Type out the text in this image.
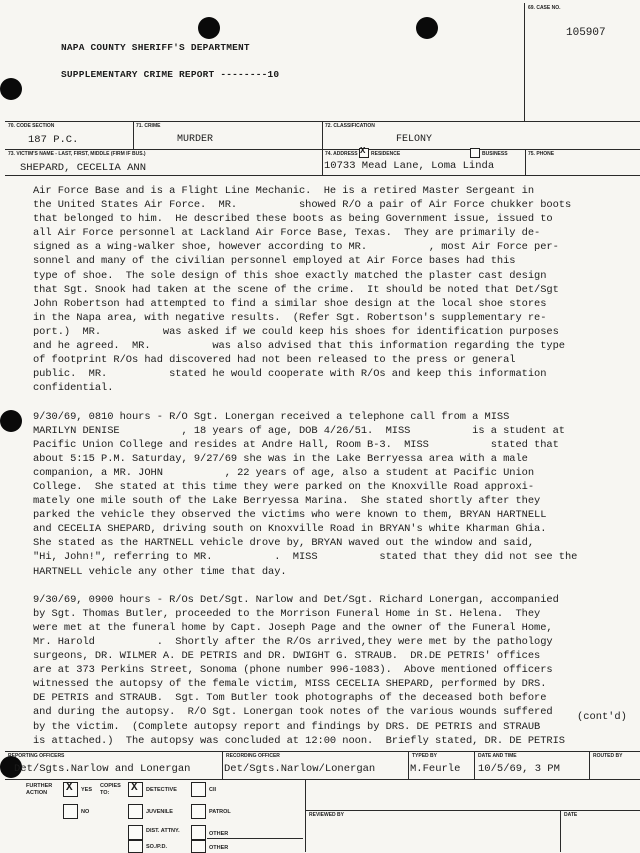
NAPA COUNTY SHERIFF'S DEPARTMENT
SUPPLEMENTARY CRIME REPORT --------10
69. CASE NO.
105907
70. CODE SECTION
187 P.C.
71. CRIME
MURDER
72. CLASSIFICATION
FELONY
73. VICTIM'S NAME - LAST, FIRST, MIDDLE (FIRM IF BUS.)
SHEPARD, CECELIA ANN
74. ADDRESS X RESIDENCE	BUSINESS	75. PHONE
10733 Mead Lane, Loma Linda
Air Force Base and is a Flight Line Mechanic.  He is a retired Master Sergeant in
the United States Air Force.  MR.          showed R/O a pair of Air Force chukker boots
that belonged to him.  He described these boots as being Government issue, issued to
all Air Force personnel at Lackland Air Force Base, Texas.  They are primarily de-
signed as a wing-walker shoe, however according to MR.          , most Air Force per-
sonnel and many of the civilian personnel employed at Air Force bases had this
type of shoe.  The sole design of this shoe exactly matched the plaster cast design
that Sgt. Snook had taken at the scene of the crime.  It should be noted that Det/Sgt
John Robertson had attempted to find a similar shoe design at the local shoe stores
in the Napa area, with negative results.  (Refer Sgt. Robertson's supplementary re-
port.)  MR.          was asked if we could keep his shoes for identification purposes
and he agreed.  MR.          was also advised that this information regarding the type
of footprint R/Os had discovered had not been released to the press or general
public.  MR.          stated he would cooperate with R/Os and keep this information
confidential.

9/30/69, 0810 hours - R/O Sgt. Lonergan received a telephone call from a MISS
MARILYN DENISE          , 18 years of age, DOB 4/26/51.  MISS          is a student at
Pacific Union College and resides at Andre Hall, Room B-3.  MISS          stated that
about 5:15 P.M. Saturday, 9/27/69 she was in the Lake Berryessa area with a male
companion, a MR. JOHN          , 22 years of age, also a student at Pacific Union
College.  She stated at this time they were parked on the Knoxville Road approxi-
mately one mile south of the Lake Berryessa Marina.  She stated shortly after they
parked the vehicle they observed the victims who were known to them, BRYAN HARTNELL
and CECELIA SHEPARD, driving south on Knoxville Road in BRYAN's white Kharman Ghia.
She stated as the HARTNELL vehicle drove by, BRYAN waved out the window and said,
"Hi, John!", referring to MR.          .  MISS          stated that they did not see the
HARTNELL vehicle any other time that day.

9/30/69, 0900 hours - R/Os Det/Sgt. Narlow and Det/Sgt. Richard Lonergan, accompanied
by Sgt. Thomas Butler, proceeded to the Morrison Funeral Home in St. Helena.  They
were met at the funeral home by Capt. Joseph Page and the owner of the Funeral Home,
Mr. Harold          .  Shortly after the R/Os arrived,they were met by the pathology
surgeons, DR. WILMER A. DE PETRIS and DR. DWIGHT G. STRAUB.  DR.DE PETRIS' offices
are at 373 Perkins Street, Sonoma (phone number 996-1083).  Above mentioned officers
witnessed the autopsy of the female victim, MISS CECELIA SHEPARD, performed by DRS.
DE PETRIS and STRAUB.  Sgt. Tom Butler took photographs of the deceased both before
and during the autopsy.  R/O Sgt. Lonergan took notes of the various wounds suffered
by the victim.  (Complete autopsy report and findings by DRS. DE PETRIS and STRAUB
is attached.)  The autopsy was concluded at 12:00 noon.  Briefly stated, DR. DE PETRIS
(cont'd)
REPORTING OFFICERS
Det/Sgts.Narlow and Lonergan
RECORDING OFFICER
Det/Sgts.Narlow/Lonergan
TYPED BY
M.Feurle
DATE AND TIME
10/5/69, 3 PM
ROUTED BY
FURTHER ACTION	X YES
NO
COPIES TO:	X DETECTIVE	CII
JUVENILE	PATROL
DIST. ATTNY.	OTHER
SO./P.D.	OTHER
REVIEWED BY	DATE
